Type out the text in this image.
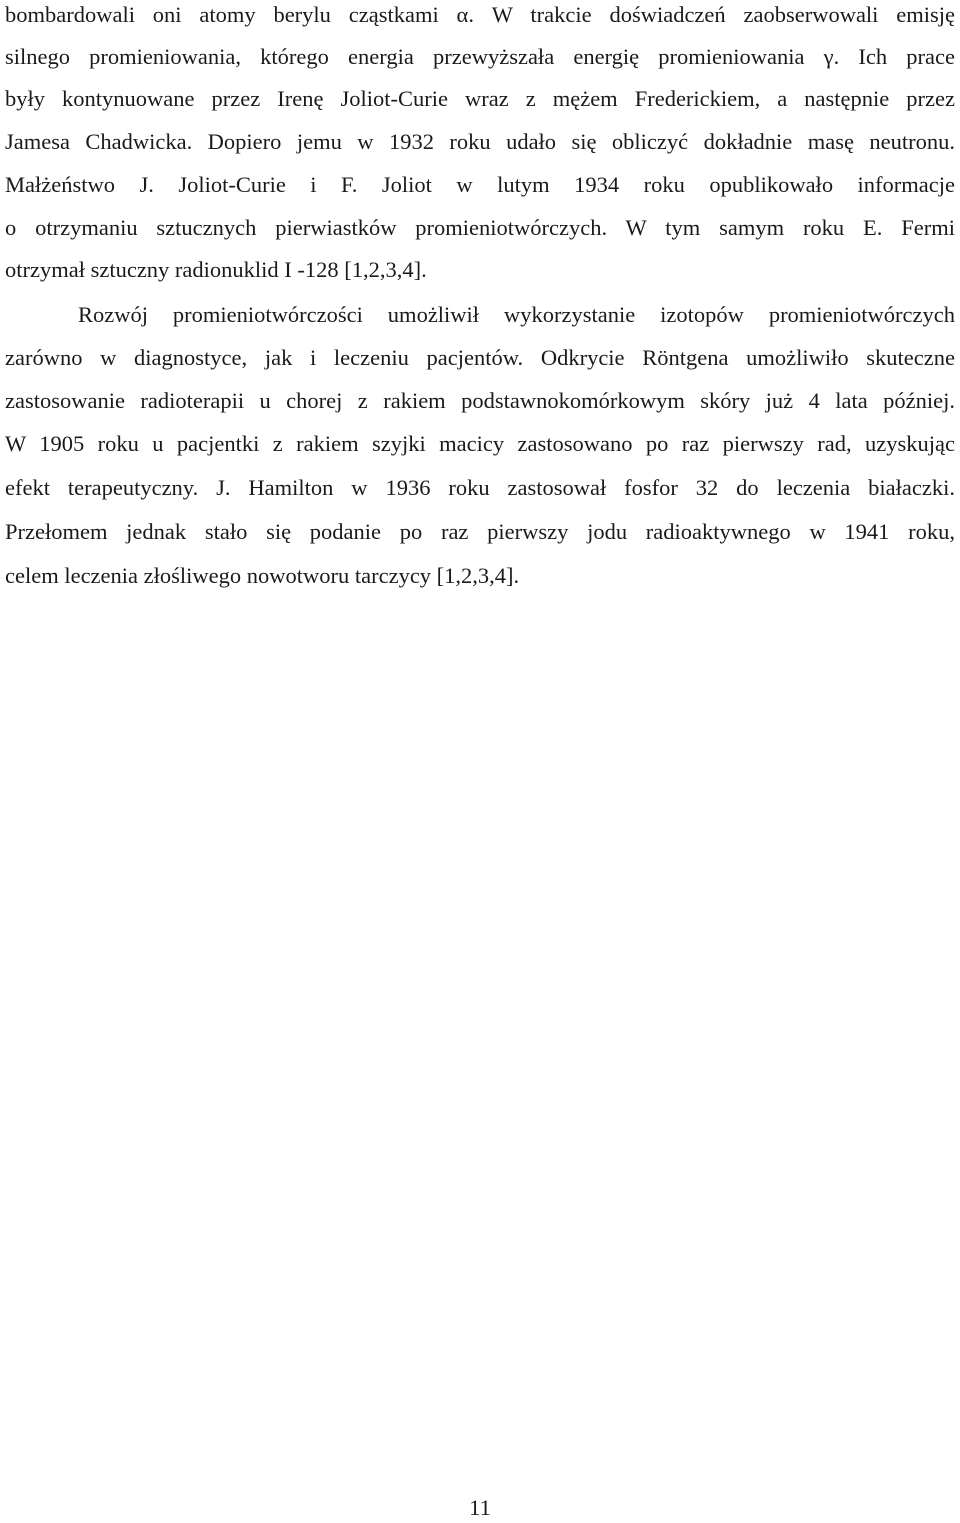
bombardowali oni atomy berylu cząstkami α. W trakcie doświadczeń zaobserwowali emisję
silnego promieniowania, którego energia przewyższała energię promieniowania γ. Ich prace
były kontynuowane przez Irenę Joliot-Curie wraz z mężem Frederickiem, a następnie przez
Jamesa Chadwicka. Dopiero jemu w 1932 roku udało się obliczyć dokładnie masę neutronu.
Małżeństwo J. Joliot-Curie i F. Joliot w lutym 1934 roku opublikowało informacje
o otrzymaniu sztucznych pierwiastków promieniotwórczych. W tym samym roku E. Fermi
otrzymał sztuczny radionuklid I -128 [1,2,3,4].
Rozwój promieniotwórczości umożliwił wykorzystanie izotopów promieniotwórczych
zarówno w diagnostyce, jak i leczeniu pacjentów. Odkrycie Röntgena umożliwiło skuteczne
zastosowanie radioterapii u chorej z rakiem podstawnokomórkowym skóry już 4 lata później.
W 1905 roku u pacjentki z rakiem szyjki macicy zastosowano po raz pierwszy rad, uzyskując
efekt terapeutyczny. J. Hamilton w 1936 roku zastosował fosfor 32 do leczenia białaczki.
Przełomem jednak stało się podanie po raz pierwszy jodu radioaktywnego w 1941 roku,
celem leczenia złośliwego nowotworu tarczycy [1,2,3,4].
11
